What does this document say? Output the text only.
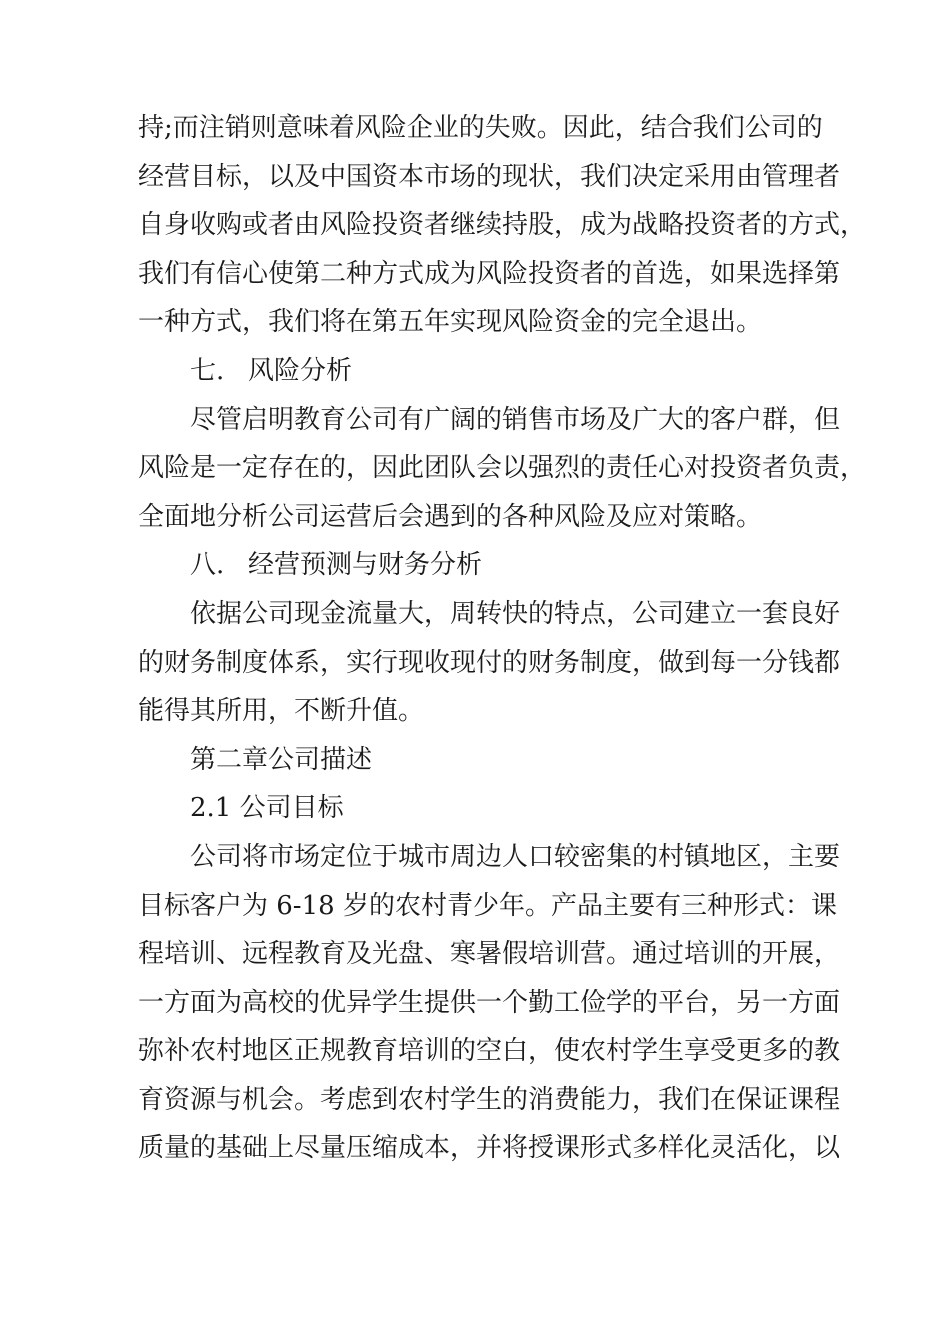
持;而注销则意味着风险企业的失败。因此，结合我们公司的
经营目标，以及中国资本市场的现状，我们决定采用由管理者
自身收购或者由风险投资者继续持股，成为战略投资者的方式，
我们有信心使第二种方式成为风险投资者的首选，如果选择第
一种方式，我们将在第五年实现风险资金的完全退出。
七. 风险分析
尽管启明教育公司有广阔的销售市场及广大的客户群，但
风险是一定存在的，因此团队会以强烈的责任心对投资者负责，
全面地分析公司运营后会遇到的各种风险及应对策略。
八. 经营预测与财务分析
依据公司现金流量大，周转快的特点，公司建立一套良好
的财务制度体系，实行现收现付的财务制度，做到每一分钱都
能得其所用，不断升值。
第二章公司描述
2.1 公司目标
公司将市场定位于城市周边人口较密集的村镇地区，主要
目标客户为 6-18 岁的农村青少年。产品主要有三种形式：课
程培训、远程教育及光盘、寒暑假培训营。通过培训的开展，
一方面为高校的优异学生提供一个勤工俭学的平台，另一方面
弥补农村地区正规教育培训的空白，使农村学生享受更多的教
育资源与机会。考虑到农村学生的消费能力，我们在保证课程
质量的基础上尽量压缩成本，并将授课形式多样化灵活化，以
